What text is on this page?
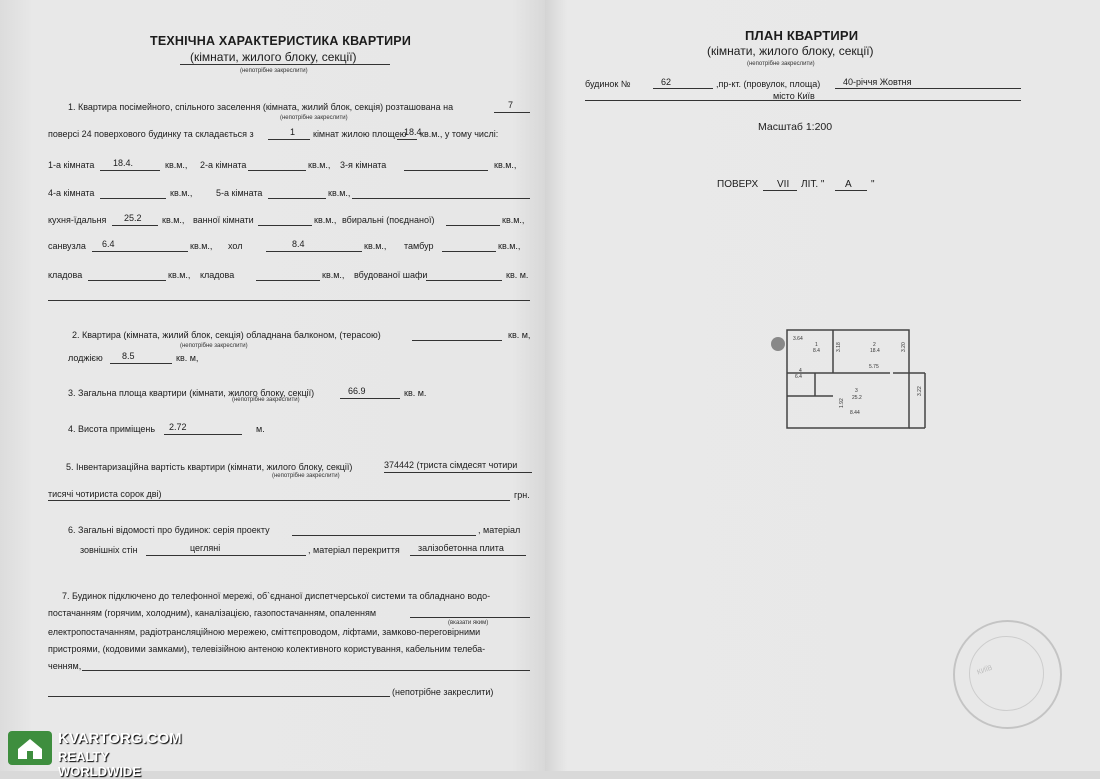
ТЕХНІЧНА ХАРАКТЕРИСТИКА КВАРТИРИ
(кімнати, жилого блоку, секції)
(непотрібне закреслити)
1. Квартира посімейного, спільного заселення (кімната, жилий блок, секція) розташована на	7
(непотрібне закреслити)
поверсі 24 поверхового будинку та складається з	1 кімнат жилою площею
18.4
кв.м., у тому числі:
1-а кімната 18.4.	кв.м., 2-а кімната	кв.м., 3-я кімната	кв.м.,
4-а кімната	кв.м.,	5-а кімната	кв.м.,
кухня-їдальня 25.2 кв.м., ванної кімнати	кв.м., вбиральні (поєднаної)	кв.м.,
санвузла 6.4	кв.м., хол	8.4	кв.м., тамбур	кв.м.,
кладова	кв.м., кладова	кв.м., вбудованої шафи	кв. м.
2. Квартира (кімната, жилий блок, секція) обладнана балконом, (терасою)	кв. м,
(непотрібне закреслити)
лоджією 8.5	кв. м,
3. Загальна площа квартири (кімнати, жилого блоку, секції)	66.9	кв. м.
(непотрібне закреслити)
4. Висота приміщень 2.72	м.
5. Інвентаризаційна вартість квартири (кімнати, жилого блоку, секції)	374442 (триста сімдесят чотири
(непотрібне закреслити)
тисячі чотириста сорок дві)	грн.
6. Загальні відомості про будинок: серія проекту	, матеріал
зовнішніх стін	цегляні	, матеріал перекриття залізобетонна плита
7. Будинок підключено до телефонної мережі, об`єднаної диспетчерської системи та обладнано водо-
постачанням (горячим, холодним), каналізацією, газопостачанням, опаленням
(вказати яким)
електропостачанням, радіотрансляційною мережею, сміттєпроводом, ліфтами, замково-переговірними
пристроями, (кодовими замками), телевізійною антеною колективного користування, кабельним телеба-
ченням,
(непотрібне закреслити)
KVARTORG.COM
REALTY WORLDWIDE
ПЛАН КВАРТИРИ
(кімнати, жилого блоку, секції)
(непотрібне закреслити)
будинок №	62	,пр-кт. (провулок, площа)	40-річчя Жовтня
місто Київ
Масштаб 1:200
ПОВЕРХ VII ЛІТ. " А "
3.64
1
8.4	3.18	2
18.4	3.20
5.75
4
6.4
3
25.2
1.92
3.22
8.44
КИЇВ
